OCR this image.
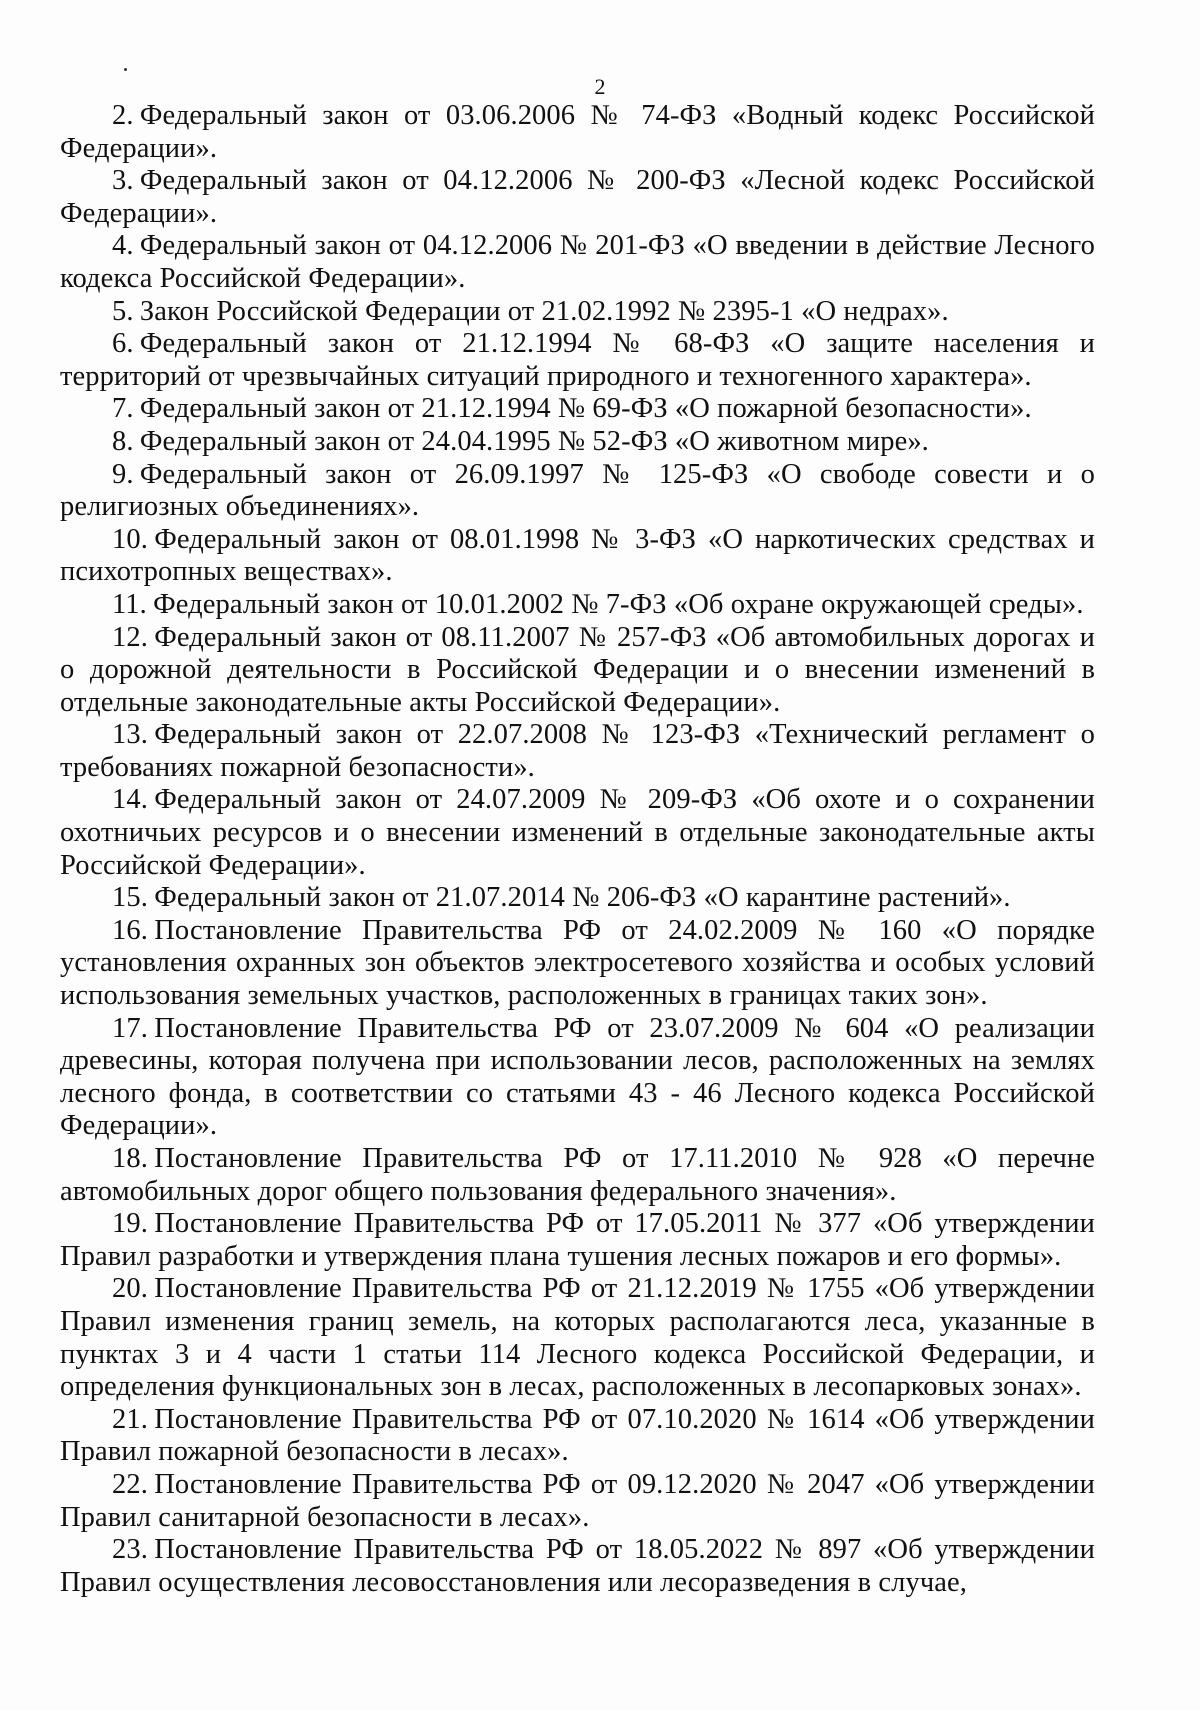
2

2. Федеральный закон от 03.06.2006 № 74-ФЗ «Водный кодекс Российской Федерации».

3. Федеральный закон от 04.12.2006 № 200-ФЗ «Лесной кодекс Российской Федерации».

4. Федеральный закон от 04.12.2006 № 201-ФЗ «О введении в действие Лесного кодекса Российской Федерации».

5. Закон Российской Федерации от 21.02.1992 № 2395-1 «О недрах».

6. Федеральный закон от 21.12.1994 № 68-ФЗ «О защите населения и территорий от чрезвычайных ситуаций природного и техногенного характера».

7. Федеральный закон от 21.12.1994 № 69-ФЗ «О пожарной безопасности».

8. Федеральный закон от 24.04.1995 № 52-ФЗ «О животном мире».

9. Федеральный закон от 26.09.1997 № 125-ФЗ «О свободе совести и о религиозных объединениях».

10. Федеральный закон от 08.01.1998 № 3-ФЗ «О наркотических средствах и психотропных веществах».

11. Федеральный закон от 10.01.2002 № 7-ФЗ «Об охране окружающей среды».

12. Федеральный закон от 08.11.2007 № 257-ФЗ «Об автомобильных дорогах и о дорожной деятельности в Российской Федерации и о внесении изменений в отдельные законодательные акты Российской Федерации».

13. Федеральный закон от 22.07.2008 № 123-ФЗ «Технический регламент о требованиях пожарной безопасности».

14. Федеральный закон от 24.07.2009 № 209-ФЗ «Об охоте и о сохранении охотничьих ресурсов и о внесении изменений в отдельные законодательные акты Российской Федерации».

15. Федеральный закон от 21.07.2014 № 206-ФЗ «О карантине растений».

16. Постановление Правительства РФ от 24.02.2009 № 160 «О порядке установления охранных зон объектов электросетевого хозяйства и особых условий использования земельных участков, расположенных в границах таких зон».

17. Постановление Правительства РФ от 23.07.2009 № 604 «О реализации древесины, которая получена при использовании лесов, расположенных на землях лесного фонда, в соответствии со статьями 43 - 46 Лесного кодекса Российской Федерации».

18. Постановление Правительства РФ от 17.11.2010 № 928 «О перечне автомобильных дорог общего пользования федерального значения».

19. Постановление Правительства РФ от 17.05.2011 № 377 «Об утверждении Правил разработки и утверждения плана тушения лесных пожаров и его формы».

20. Постановление Правительства РФ от 21.12.2019 № 1755 «Об утверждении Правил изменения границ земель, на которых располагаются леса, указанные в пунктах 3 и 4 части 1 статьи 114 Лесного кодекса Российской Федерации, и определения функциональных зон в лесах, расположенных в лесопарковых зонах».

21. Постановление Правительства РФ от 07.10.2020 № 1614 «Об утверждении Правил пожарной безопасности в лесах».

22. Постановление Правительства РФ от 09.12.2020 № 2047 «Об утверждении Правил санитарной безопасности в лесах».

23. Постановление Правительства РФ от 18.05.2022 № 897 «Об утверждении Правил осуществления лесовосстановления или лесоразведения в случае,
